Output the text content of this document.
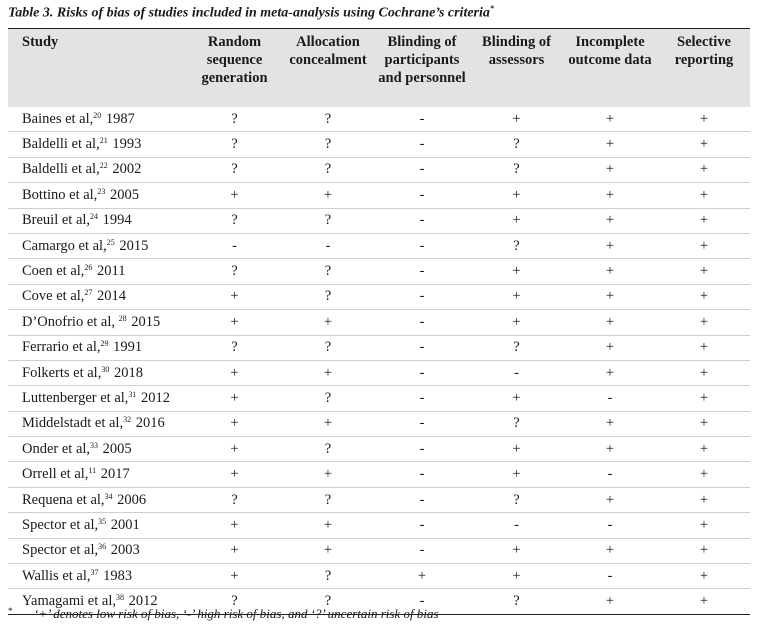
Table 3. Risks of bias of studies included in meta-analysis using Cochrane’s criteria*
Study	Random sequence generation	Allocation concealment	Blinding of participants and personnel	Blinding of assessors	Incomplete outcome data	Selective reporting
Baines et al,$^{20}$ 1987	?	?	-	+	+	+
Baldelli et al,$^{21}$ 1993	?	?	-	?	+	+
Baldelli et al,$^{22}$ 2002	?	?	-	?	+	+
Bottino et al,$^{23}$ 2005	+	+	-	+	+	+
Breuil et al,$^{24}$ 1994	?	?	-	+	+	+
Camargo et al,$^{25}$ 2015	-	-	-	?	+	+
Coen et al,$^{26}$ 2011	?	?	-	+	+	+
Cove et al,$^{27}$ 2014	+	?	-	+	+	+
D’Onofrio et al, $^{28}$ 2015	+	+	-	+	+	+
Ferrario et al,$^{29}$ 1991	?	?	-	?	+	+
Folkerts et al,$^{30}$ 2018	+	+	-	-	+	+
Luttenberger et al,$^{31}$ 2012	+	?	-	+	-	+
Middelstadt et al,$^{32}$ 2016	+	+	-	?	+	+
Onder et al,$^{33}$ 2005	+	?	-	+	+	+
Orrell et al,$^{11}$ 2017	+	+	-	+	-	+
Requena et al,$^{34}$ 2006	?	?	-	?	+	+
Spector et al,$^{35}$ 2001	+	+	-	-	-	+
Spector et al,$^{36}$ 2003	+	+	-	+	+	+
Wallis et al,$^{37}$ 1983	+	?	+	+	-	+
Yamagami et al,$^{38}$ 2012	?	?	-	?	+	+
* ‘+’ denotes low risk of bias, ‘-’ high risk of bias, and ‘?’ uncertain risk of bias
